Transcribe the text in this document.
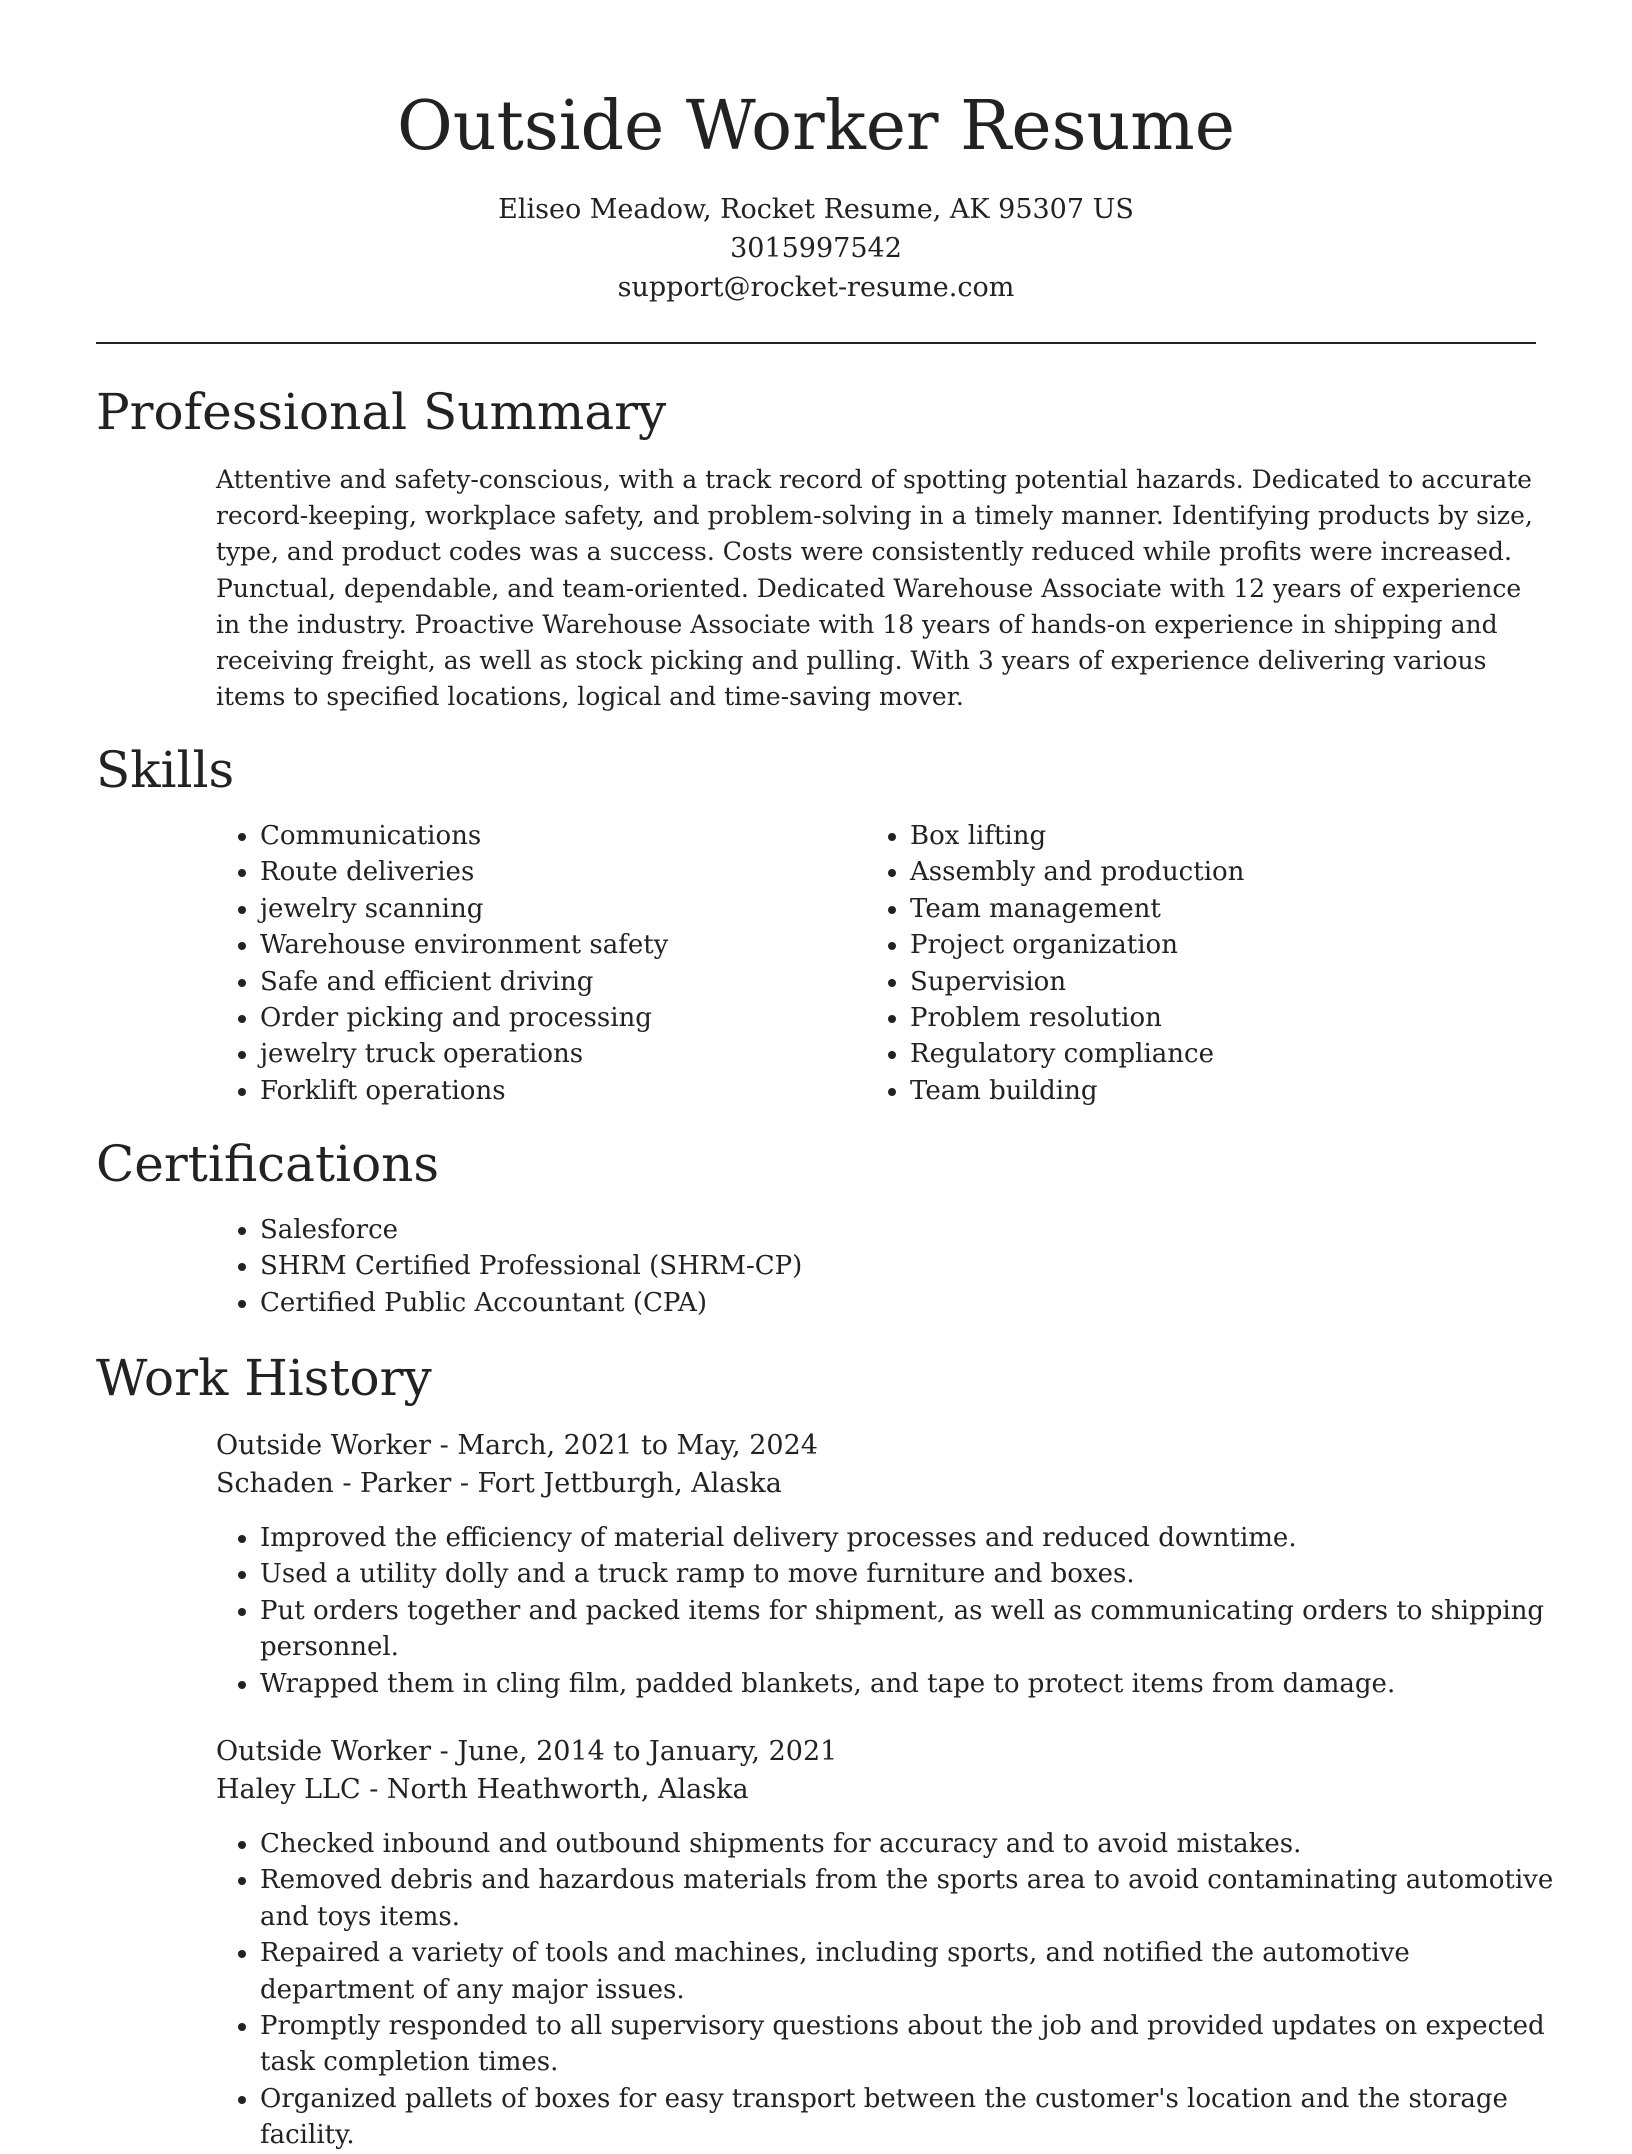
Outside Worker Resume
Eliseo Meadow, Rocket Resume, AK 95307 US
3015997542
support@rocket-resume.com
Professional Summary

Attentive and safety-conscious, with a track record of spotting potential hazards. Dedicated to accurate record-keeping, workplace safety, and problem-solving in a timely manner. Identifying products by size, type, and product codes was a success. Costs were consistently reduced while profits were increased. Punctual, dependable, and team-oriented. Dedicated Warehouse Associate with 12 years of experience in the industry. Proactive Warehouse Associate with 18 years of hands-on experience in shipping and receiving freight, as well as stock picking and pulling. With 3 years of experience delivering various items to specified locations, logical and time-saving mover.

Skills
• Communications
• Route deliveries
• jewelry scanning
• Warehouse environment safety
• Safe and efficient driving
• Order picking and processing
• jewelry truck operations
• Forklift operations
• Box lifting
• Assembly and production
• Team management
• Project organization
• Supervision
• Problem resolution
• Regulatory compliance
• Team building
Certifications
• Salesforce
• SHRM Certified Professional (SHRM-CP)
• Certified Public Accountant (CPA)
Work History
Outside Worker - March, 2021 to May, 2024
Schaden - Parker - Fort Jettburgh, Alaska
• Improved the efficiency of material delivery processes and reduced downtime.
• Used a utility dolly and a truck ramp to move furniture and boxes.
• Put orders together and packed items for shipment, as well as communicating orders to shipping personnel.
• Wrapped them in cling film, padded blankets, and tape to protect items from damage.
Outside Worker - June, 2014 to January, 2021
Haley LLC - North Heathworth, Alaska
• Checked inbound and outbound shipments for accuracy and to avoid mistakes.
• Removed debris and hazardous materials from the sports area to avoid contaminating automotive and toys items.
• Repaired a variety of tools and machines, including sports, and notified the automotive department of any major issues.
• Promptly responded to all supervisory questions about the job and provided updates on expected task completion times.
• Organized pallets of boxes for easy transport between the customer's location and the storage facility.
